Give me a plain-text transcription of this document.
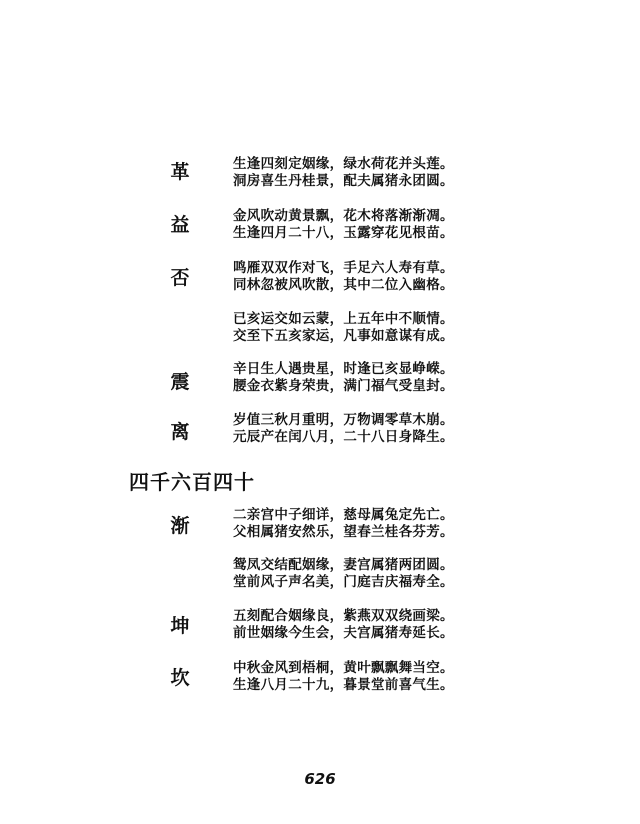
革
益
否
震
离
生逢四刻定姻缘，绿水荷花并头莲。
洞房喜生丹桂景，配夫属猪永团圆。
金风吹动黄景飘，花木将落渐渐凋。
生逢四月二十八，玉露穿花见根苗。
鸣雁双双作对飞，手足六人寿有草。
同林忽被风吹散，其中二位入幽格。
已亥运交如云蒙，上五年中不顺情。
交至下五亥家运，凡事如意谋有成。
辛日生人遇贵星，时逢已亥显峥嵘。
腰金衣紫身荣贵，满门福气受皇封。
岁值三秋月重明，万物调零草木崩。
元辰产在闰八月，二十八日身降生。
四千六百四十
渐
坤
坎
二亲宫中子细详，慈母属兔定先亡。
父相属猪安然乐，望春兰桂各芬芳。
鸳凤交结配姻缘，妻宫属猪两团圆。
堂前风子声名美，门庭吉庆福寿全。
五刻配合姻缘良，紫燕双双绕画梁。
前世姻缘今生会，夫宫属猪寿延长。
中秋金风到梧桐，黄叶飘飘舞当空。
生逢八月二十九，暮景堂前喜气生。
626
